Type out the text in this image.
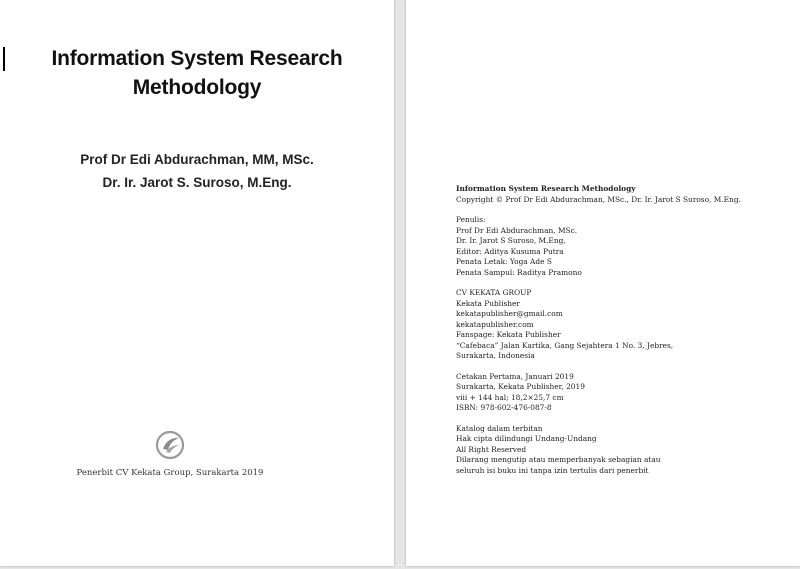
Information System Research
Methodology
Prof Dr Edi Abdurachman, MM, MSc.
Dr. Ir. Jarot S. Suroso, M.Eng.
Penerbit CV Kekata Group, Surakarta 2019
Information System Research Methodology
Copyright © Prof Dr Edi Abdurachman, MSc., Dr. Ir. Jarot S Suroso, M.Eng.
Penulis:
Prof Dr Edi Abdurachman, MSc.
Dr. Ir. Jarot S Suroso, M.Eng,
Editor: Aditya Kusuma Putra
Penata Letak: Yoga Ade S
Penata Sampul: Raditya Pramono
CV KEKATA GROUP
Kekata Publisher
kekatapublisher@gmail.com
kekatapublisher.com
Fanspage: Kekata Publisher
“Cafebaca” Jalan Kartika, Gang Sejahtera 1 No. 3, Jebres,
Surakarta, Indonesia
Cetakan Pertama, Januari 2019
Surakarta, Kekata Publisher, 2019
viii + 144 hal; 18,2×25,7 cm
ISBN: 978-602-476-087-8
Katalog dalam terbitan
Hak cipta dilindungi Undang-Undang
All Right Reserved
Dilarang mengutip atau memperbanyak sebagian atau
seluruh isi buku ini tanpa izin tertulis dari penerbit
